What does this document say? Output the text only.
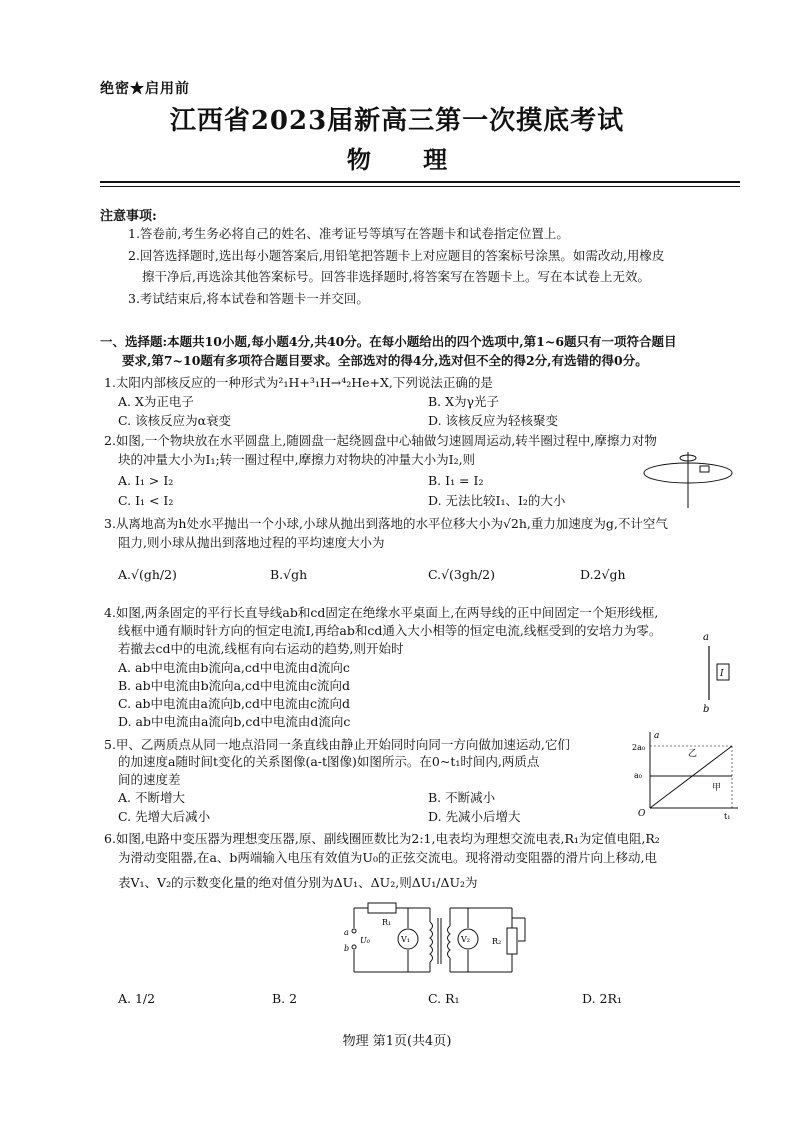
绝密★启用前
江西省2023届新高三第一次摸底考试
物 理
注意事项:
1.答卷前,考生务必将自己的姓名、准考证号等填写在答题卡和试卷指定位置上。
2.回答选择题时,选出每小题答案后,用铅笔把答题卡上对应题目的答案标号涂黑。如需改动,用橡皮
擦干净后,再选涂其他答案标号。回答非选择题时,将答案写在答题卡上。写在本试卷上无效。
3.考试结束后,将本试卷和答题卡一并交回。
一、选择题:本题共10小题,每小题4分,共40分。在每小题给出的四个选项中,第1~6题只有一项符合题目
要求,第7~10题有多项符合题目要求。全部选对的得4分,选对但不全的得2分,有选错的得0分。
1.太阳内部核反应的一种形式为²₁H+³₁H→⁴₂He+X,下列说法正确的是
A. X为正电子	B. X为γ光子
C. 该核反应为α衰变	D. 该核反应为轻核聚变
2.如图,一个物块放在水平圆盘上,随圆盘一起绕圆盘中心轴做匀速圆周运动,转半圈过程中,摩擦力对物
块的冲量大小为I₁;转一圈过程中,摩擦力对物块的冲量大小为I₂,则
A. I₁ > I₂	B. I₁ = I₂
C. I₁ < I₂	D. 无法比较I₁、I₂的大小
3.从离地高为h处水平抛出一个小球,小球从抛出到落地的水平位移大小为√2h,重力加速度为g,不计空气
阻力,则小球从抛出到落地过程的平均速度大小为
A.√(gh/2)	B.√gh	C.√(3gh/2)	D.2√gh
4.如图,两条固定的平行长直导线ab和cd固定在绝缘水平桌面上,在两导线的正中间固定一个矩形线框,
线框中通有顺时针方向的恒定电流I,再给ab和cd通入大小相等的恒定电流,线框受到的安培力为零。
若撤去cd中的电流,线框有向右运动的趋势,则开始时
A. ab中电流由b流向a,cd中电流由d流向c
B. ab中电流由b流向a,cd中电流由c流向d
C. ab中电流由a流向b,cd中电流由c流向d
D. ab中电流由a流向b,cd中电流由d流向c
a
b
I
5.甲、乙两质点从同一地点沿同一条直线由静止开始同时向同一方向做加速运动,它们
的加速度a随时间t变化的关系图像(a-t图像)如图所示。在0~t₁时间内,两质点
间的速度差
A. 不断增大	B. 不断减小
C. 先增大后减小	D. 先减小后增大
a
2a₀
a₀
O	t₁
乙
甲
6.如图,电路中变压器为理想变压器,原、副线圈匝数比为2:1,电表均为理想交流电表,R₁为定值电阻,R₂
为滑动变阻器,在a、b两端输入电压有效值为U₀的正弦交流电。现将滑动变阻器的滑片向上移动,电
表V₁、V₂的示数变化量的绝对值分别为ΔU₁、ΔU₂,则ΔU₁/ΔU₂为
R₁
a
b
U₀	V₁	V₂	R₂
A. 1/2	B. 2	C. R₁	D. 2R₁
物理 第1页(共4页)
